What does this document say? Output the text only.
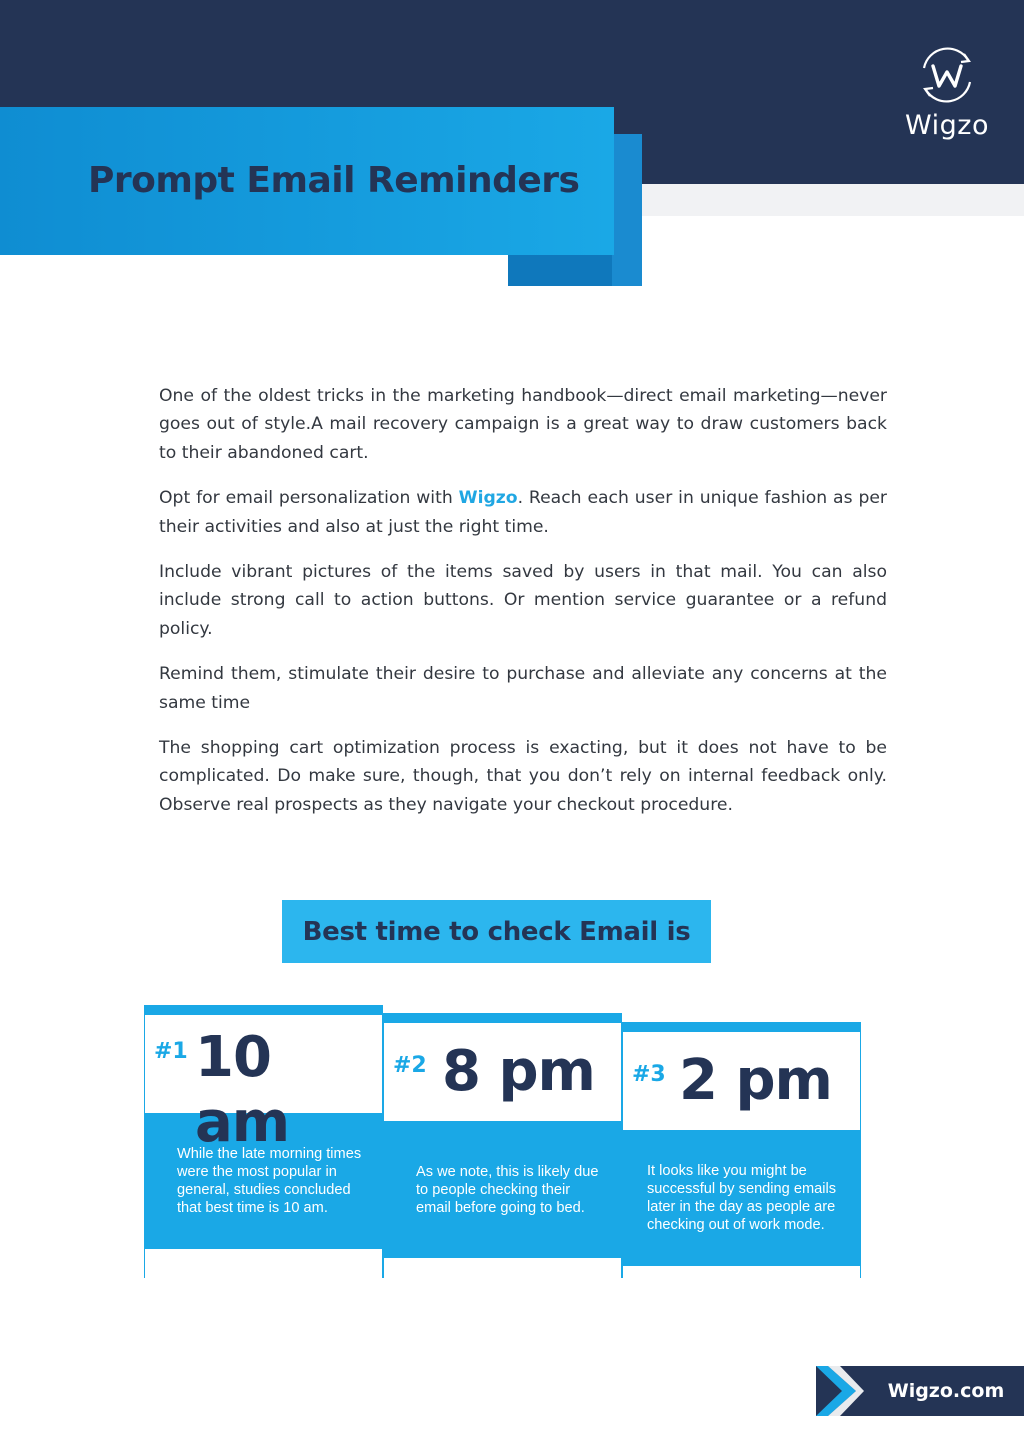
Wigzo
Prompt Email Reminders

One of the oldest tricks in the marketing handbook—direct email marketing—never goes out of style.A mail recovery campaign is a great way to draw customers back to their abandoned cart.

Opt for email personalization with Wigzo. Reach each user in unique fashion as per their activities and also at just the right time.

Include vibrant pictures of the items saved by users in that mail. You can also include strong call to action buttons. Or mention service guarantee or a refund policy.

Remind them, stimulate their desire to purchase and alleviate any concerns at the same time

The shopping cart optimization process is exacting, but it does not have to be complicated. Do make sure, though, that you don’t rely on internal feedback only. Observe real prospects as they navigate your checkout procedure.

Best time to check Email is
#1 10 am

While the late morning times were the most popular in general, studies concluded that best time is 10 am.

#2 8 pm

As we note, this is likely due to people checking their email before going to bed.

#3 2 pm

It looks like you might be successful by sending emails later in the day as people are checking out of work mode.

Wigzo.com
